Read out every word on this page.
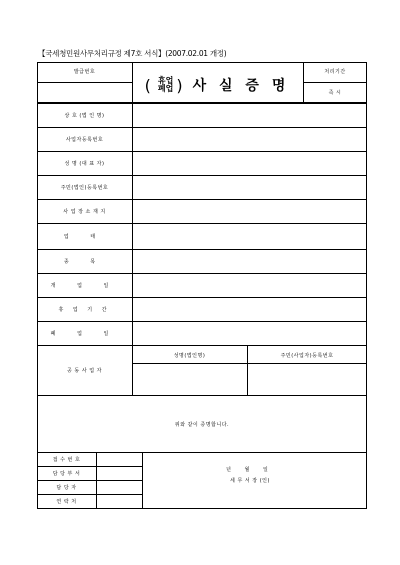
【국세청민원사무처리규정 제7호 서식】(2007.02.01 개정)
발급번호	처리기간
즉 시
( 휴업
폐업 ) 사 실 증 명
상 호 (법 인 명)
사업자등록번호
성 명 (대 표 자)
주민(법인)등록번호
사 업 장 소 재 지
업 태
종 목
개 업 일
휴 업 기 간
폐 업 일
공 동 사 업 자
성명(법인명)	주민(사업자)등록번호
위와 같이 증명합니다.
접 수 번 호
담 당 부 서
담 당 자
연 락 처
년 월 일
세 무 서 장 (인)
